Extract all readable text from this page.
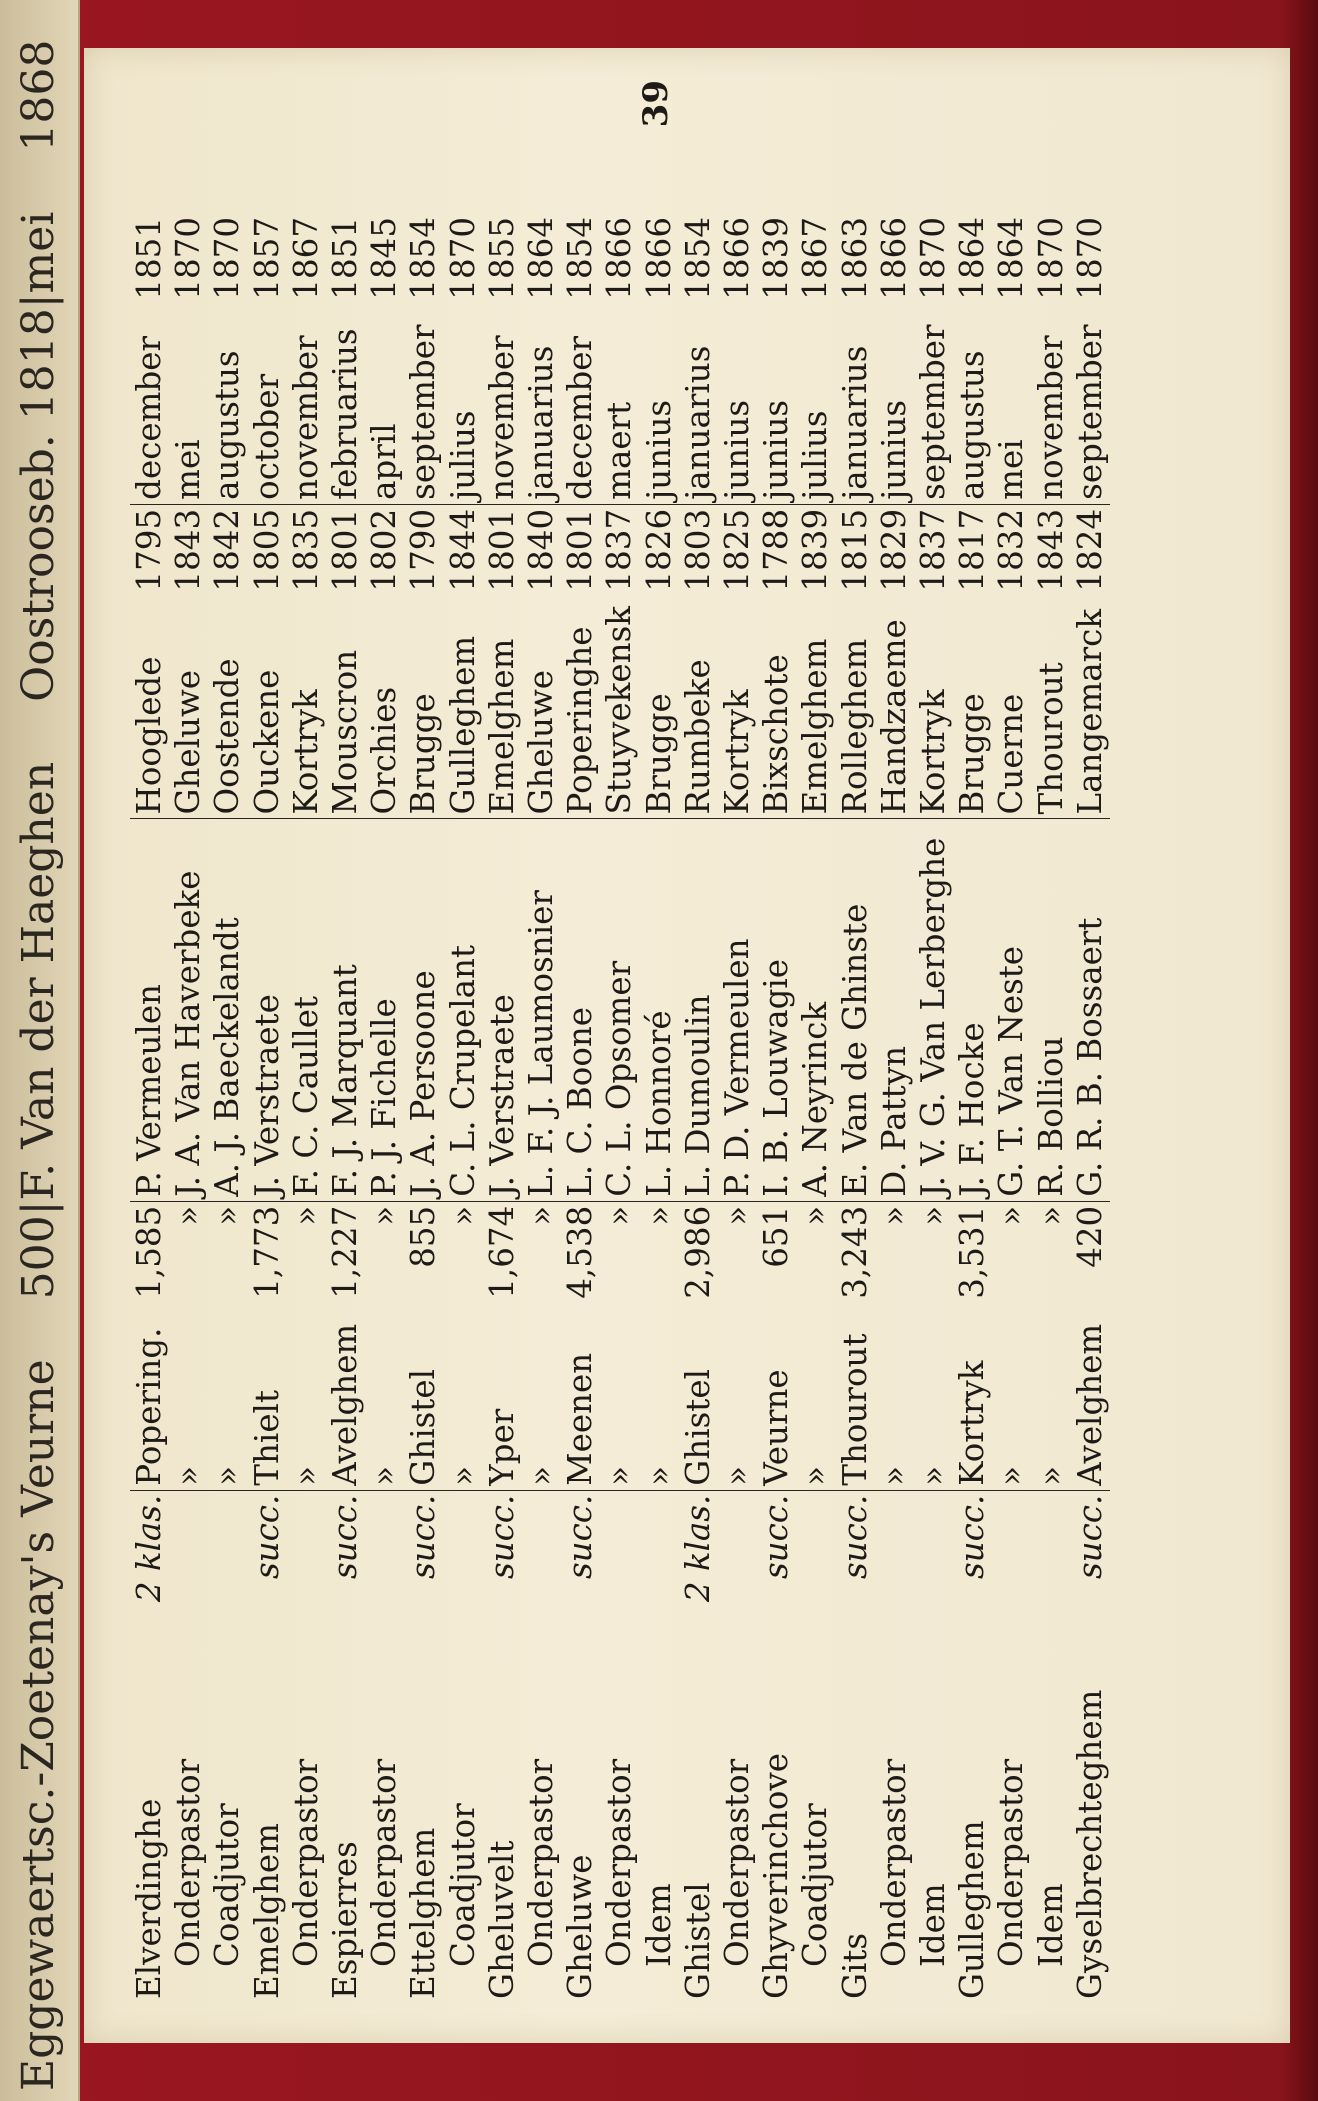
Eggewaertsc.-Zoetenay's Veurne
500|F. Van der Haeghen
Oostrooseb. 1818|mei
1868	39
Elverdinghe	2 klas.	Popering.	1,585	P. Vermeulen	Hooglede	1795	december	1851
Onderpastor		»	»	J. A. Van Haverbeke	Gheluwe	1843	mei	1870
Coadjutor		»	»	A. J. Baeckelandt	Oostende	1842	augustus	1870
Emelghem	succ.	Thielt	1,773	J. Verstraete	Ouckene	1805	october	1857
Onderpastor		»	»	F. C. Caullet	Kortryk	1835	november	1867
Espierres	succ.	Avelghem	1,227	F. J. Marquant	Mouscron	1801	februarius	1851
Onderpastor		»	»	P. J. Fichelle	Orchies	1802	april	1845
Ettelghem	succ.	Ghistel	855	J. A. Persoone	Brugge	1790	september	1854
Coadjutor		»	»	C. L. Crupelant	Gulleghem	1844	julius	1870
Gheluvelt	succ.	Yper	1,674	J. Verstraete	Emelghem	1801	november	1855
Onderpastor		»	»	L. F. J. Laumosnier	Gheluwe	1840	januarius	1864
Gheluwe	succ.	Meenen	4,538	L. C. Boone	Poperinghe	1801	december	1854
Onderpastor		»	»	C. L. Opsomer	Stuyvekensk	1837	maert	1866
Idem		»	»	L. Honnoré	Brugge	1826	junius	1866
Ghistel	2 klas.	Ghistel	2,986	L. Dumoulin	Rumbeke	1803	januarius	1854
Onderpastor		»	»	P. D. Vermeulen	Kortryk	1825	junius	1866
Ghyverinchove	succ.	Veurne	651	I. B. Louwagie	Bixschote	1788	junius	1839
Coadjutor		»	»	A. Neyrinck	Emelghem	1839	julius	1867
Gits	succ.	Thourout	3,243	E. Van de Ghinste	Rolleghem	1815	januarius	1863
Onderpastor		»	»	D. Pattyn	Handzaeme	1829	junius	1866
Idem		»	»	J. V. G. Van Lerberghe	Kortryk	1837	september	1870
Gulleghem	succ.	Kortryk	3,531	J. F. Hocke	Brugge	1817	augustus	1864
Onderpastor		»	»	G. T. Van Neste	Cuerne	1832	mei	1864
Idem		»	»	R. Bolliou	Thourout	1843	november	1870
Gyselbrechteghem	succ.	Avelghem	420	G. R. B. Bossaert	Langemarck	1824	september	1870
